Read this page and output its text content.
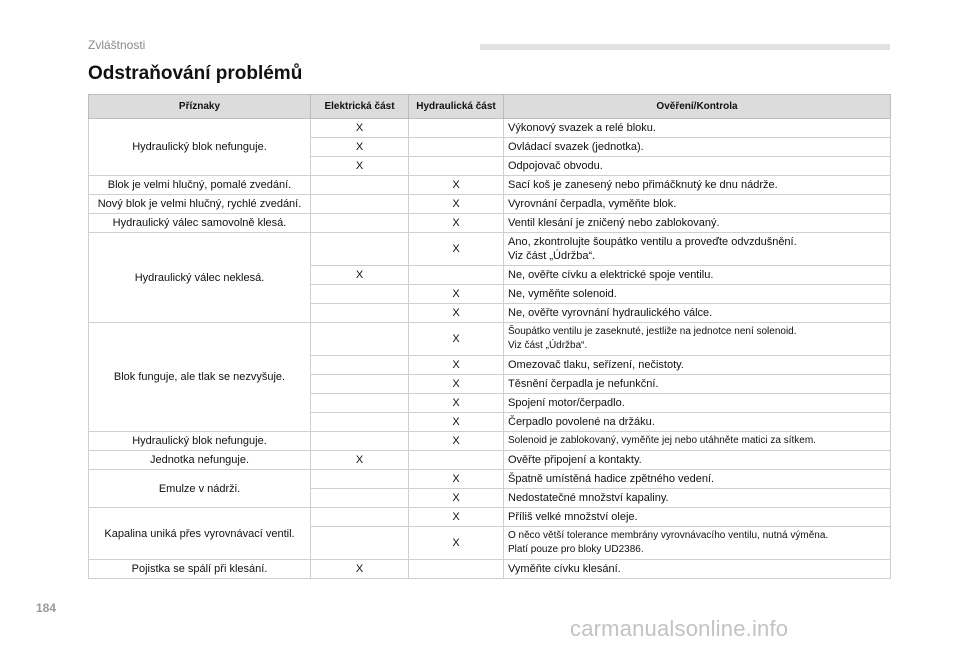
Zvláštnosti
Odstraňování problémů
Příznaky	Elektrická část	Hydraulická část	Ověření/Kontrola
Hydraulický blok nefunguje.	X		Výkonový svazek a relé bloku.

	X		Ovládací svazek (jednotka).

	X		Odpojovač obvodu.

Blok je velmi hlučný, pomalé zvedání.		X	Sací koš je zanesený nebo přimáčknutý ke dnu nádrže.

Nový blok je velmi hlučný, rychlé zvedání.		X	Vyrovnání čerpadla, vyměňte blok.

Hydraulický válec samovolně klesá.		X	Ventil klesání je zničený nebo zablokovaný.

Hydraulický válec neklesá.		X	Ano, zkontrolujte šoupátko ventilu a proveďte odvzdušnění.
Viz část „Údržba“.

	X		Ne, ověřte cívku a elektrické spoje ventilu.

		X	Ne, vyměňte solenoid.

		X	Ne, ověřte vyrovnání hydraulického válce.

Blok funguje, ale tlak se nezvyšuje.		X	Šoupátko ventilu je zaseknuté, jestliže na jednotce není solenoid.
Viz část „Údržba“.

		X	Omezovač tlaku, seřízení, nečistoty.

		X	Těsnění čerpadla je nefunkční.

		X	Spojení motor/čerpadlo.

		X	Čerpadlo povolené na držáku.

Hydraulický blok nefunguje.		X	Solenoid je zablokovaný, vyměňte jej nebo utáhněte matici za sítkem.

Jednotka nefunguje.	X		Ověřte připojení a kontakty.

Emulze v nádrži.		X	Špatně umístěná hadice zpětného vedení.

		X	Nedostatečné množství kapaliny.

Kapalina uniká přes vyrovnávací ventil.		X	Příliš velké množství oleje.

		X	O něco větší tolerance membrány vyrovnávacího ventilu, nutná výměna.
Platí pouze pro bloky UD2386.

Pojistka se spálí při klesání.	X		Vyměňte cívku klesání.
184
carmanualsonline.info
